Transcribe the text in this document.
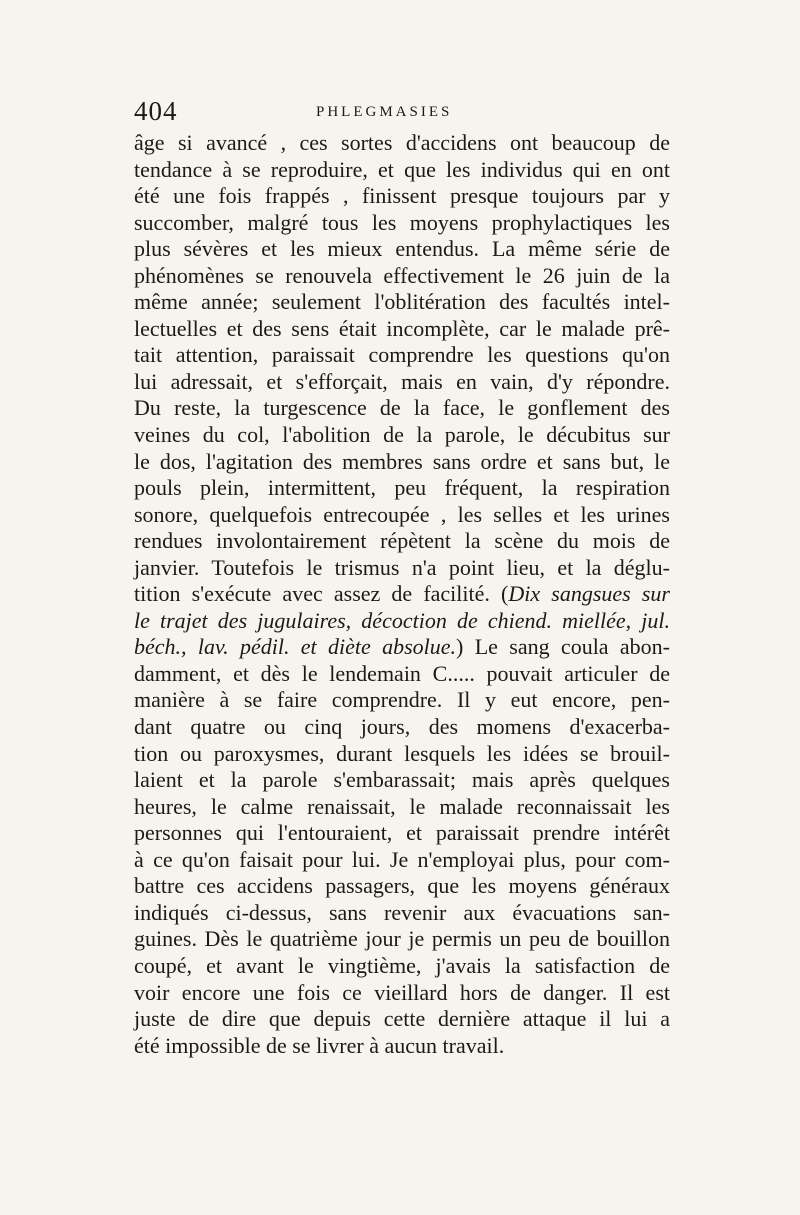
404	PHLEGMASIES
âge si avancé , ces sortes d'accidens ont beaucoup de
tendance à se reproduire, et que les individus qui en ont
été une fois frappés , finissent presque toujours par y
succomber, malgré tous les moyens prophylactiques les
plus sévères et les mieux entendus. La même série de
phénomènes se renouvela effectivement le 26 juin de la
même année; seulement l'oblitération des facultés intel-
lectuelles et des sens était incomplète, car le malade prê-
tait attention, paraissait comprendre les questions qu'on
lui adressait, et s'efforçait, mais en vain, d'y répondre.
Du reste, la turgescence de la face, le gonflement des
veines du col, l'abolition de la parole, le décubitus sur
le dos, l'agitation des membres sans ordre et sans but, le
pouls plein, intermittent, peu fréquent, la respiration
sonore, quelquefois entrecoupée , les selles et les urines
rendues involontairement répètent la scène du mois de
janvier. Toutefois le trismus n'a point lieu, et la déglu-
tition s'exécute avec assez de facilité. (Dix sangsues sur
le trajet des jugulaires, décoction de chiend. miellée, jul.
béch., lav. pédil. et diète absolue.) Le sang coula abon-
damment, et dès le lendemain C..... pouvait articuler de
manière à se faire comprendre. Il y eut encore, pen-
dant quatre ou cinq jours, des momens d'exacerba-
tion ou paroxysmes, durant lesquels les idées se brouil-
laient et la parole s'embarassait; mais après quelques
heures, le calme renaissait, le malade reconnaissait les
personnes qui l'entouraient, et paraissait prendre intérêt
à ce qu'on faisait pour lui. Je n'employai plus, pour com-
battre ces accidens passagers, que les moyens généraux
indiqués ci-dessus, sans revenir aux évacuations san-
guines. Dès le quatrième jour je permis un peu de bouillon
coupé, et avant le vingtième, j'avais la satisfaction de
voir encore une fois ce vieillard hors de danger. Il est
juste de dire que depuis cette dernière attaque il lui a
été impossible de se livrer à aucun travail.
